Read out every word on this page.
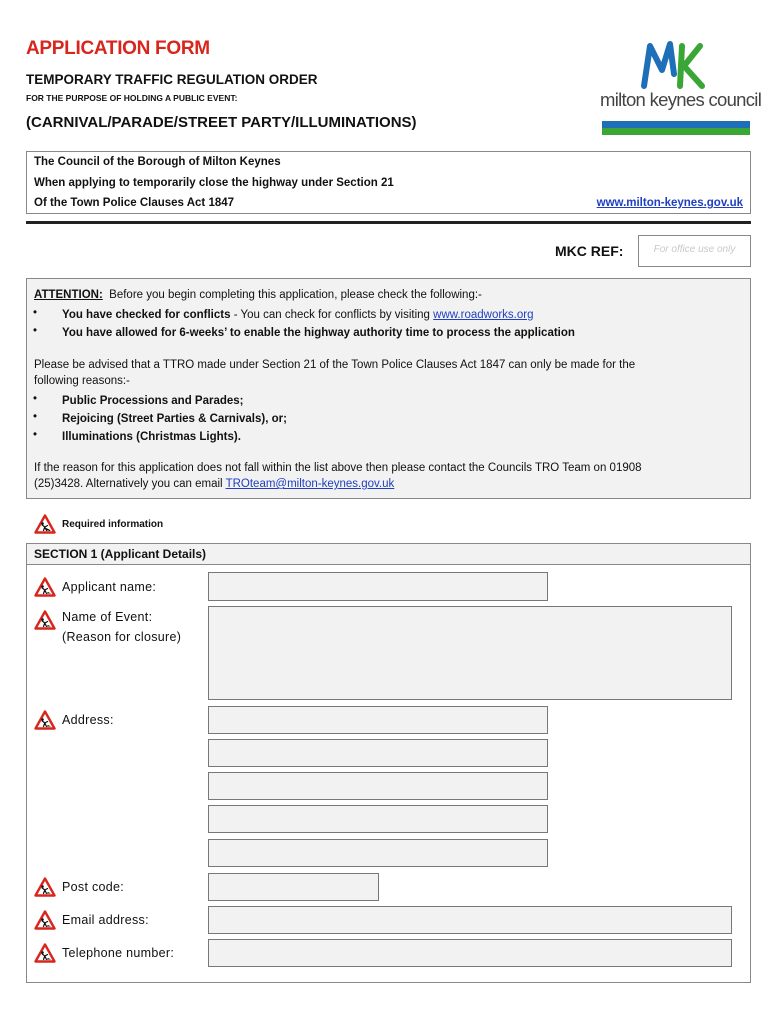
APPLICATION FORM
TEMPORARY TRAFFIC REGULATION ORDER
FOR THE PURPOSE OF HOLDING A PUBLIC EVENT:
(CARNIVAL/PARADE/STREET PARTY/ILLUMINATIONS)
milton keynes council
The Council of the Borough of Milton Keynes
When applying to temporarily close the highway under Section 21
Of the Town Police Clauses Act 1847	www.milton-keynes.gov.uk
MKC REF:	For office use only
ATTENTION: Before you begin completing this application, please check the following:-
• You have checked for conflicts - You can check for conflicts by visiting www.roadworks.org
• You have allowed for 6-weeks’ to enable the highway authority time to process the application
Please be advised that a TTRO made under Section 21 of the Town Police Clauses Act 1847 can only be made for the
following reasons:-
• Public Processions and Parades;
• Rejoicing (Street Parties & Carnivals), or;
• Illuminations (Christmas Lights).
If the reason for this application does not fall within the list above then please contact the Councils TRO Team on 01908
(25)3428. Alternatively you can email TROteam@milton-keynes.gov.uk
Required information
SECTION 1 (Applicant Details)
Applicant name:
Name of Event:
(Reason for closure)
Address:
Post code:
Email address:
Telephone number:
